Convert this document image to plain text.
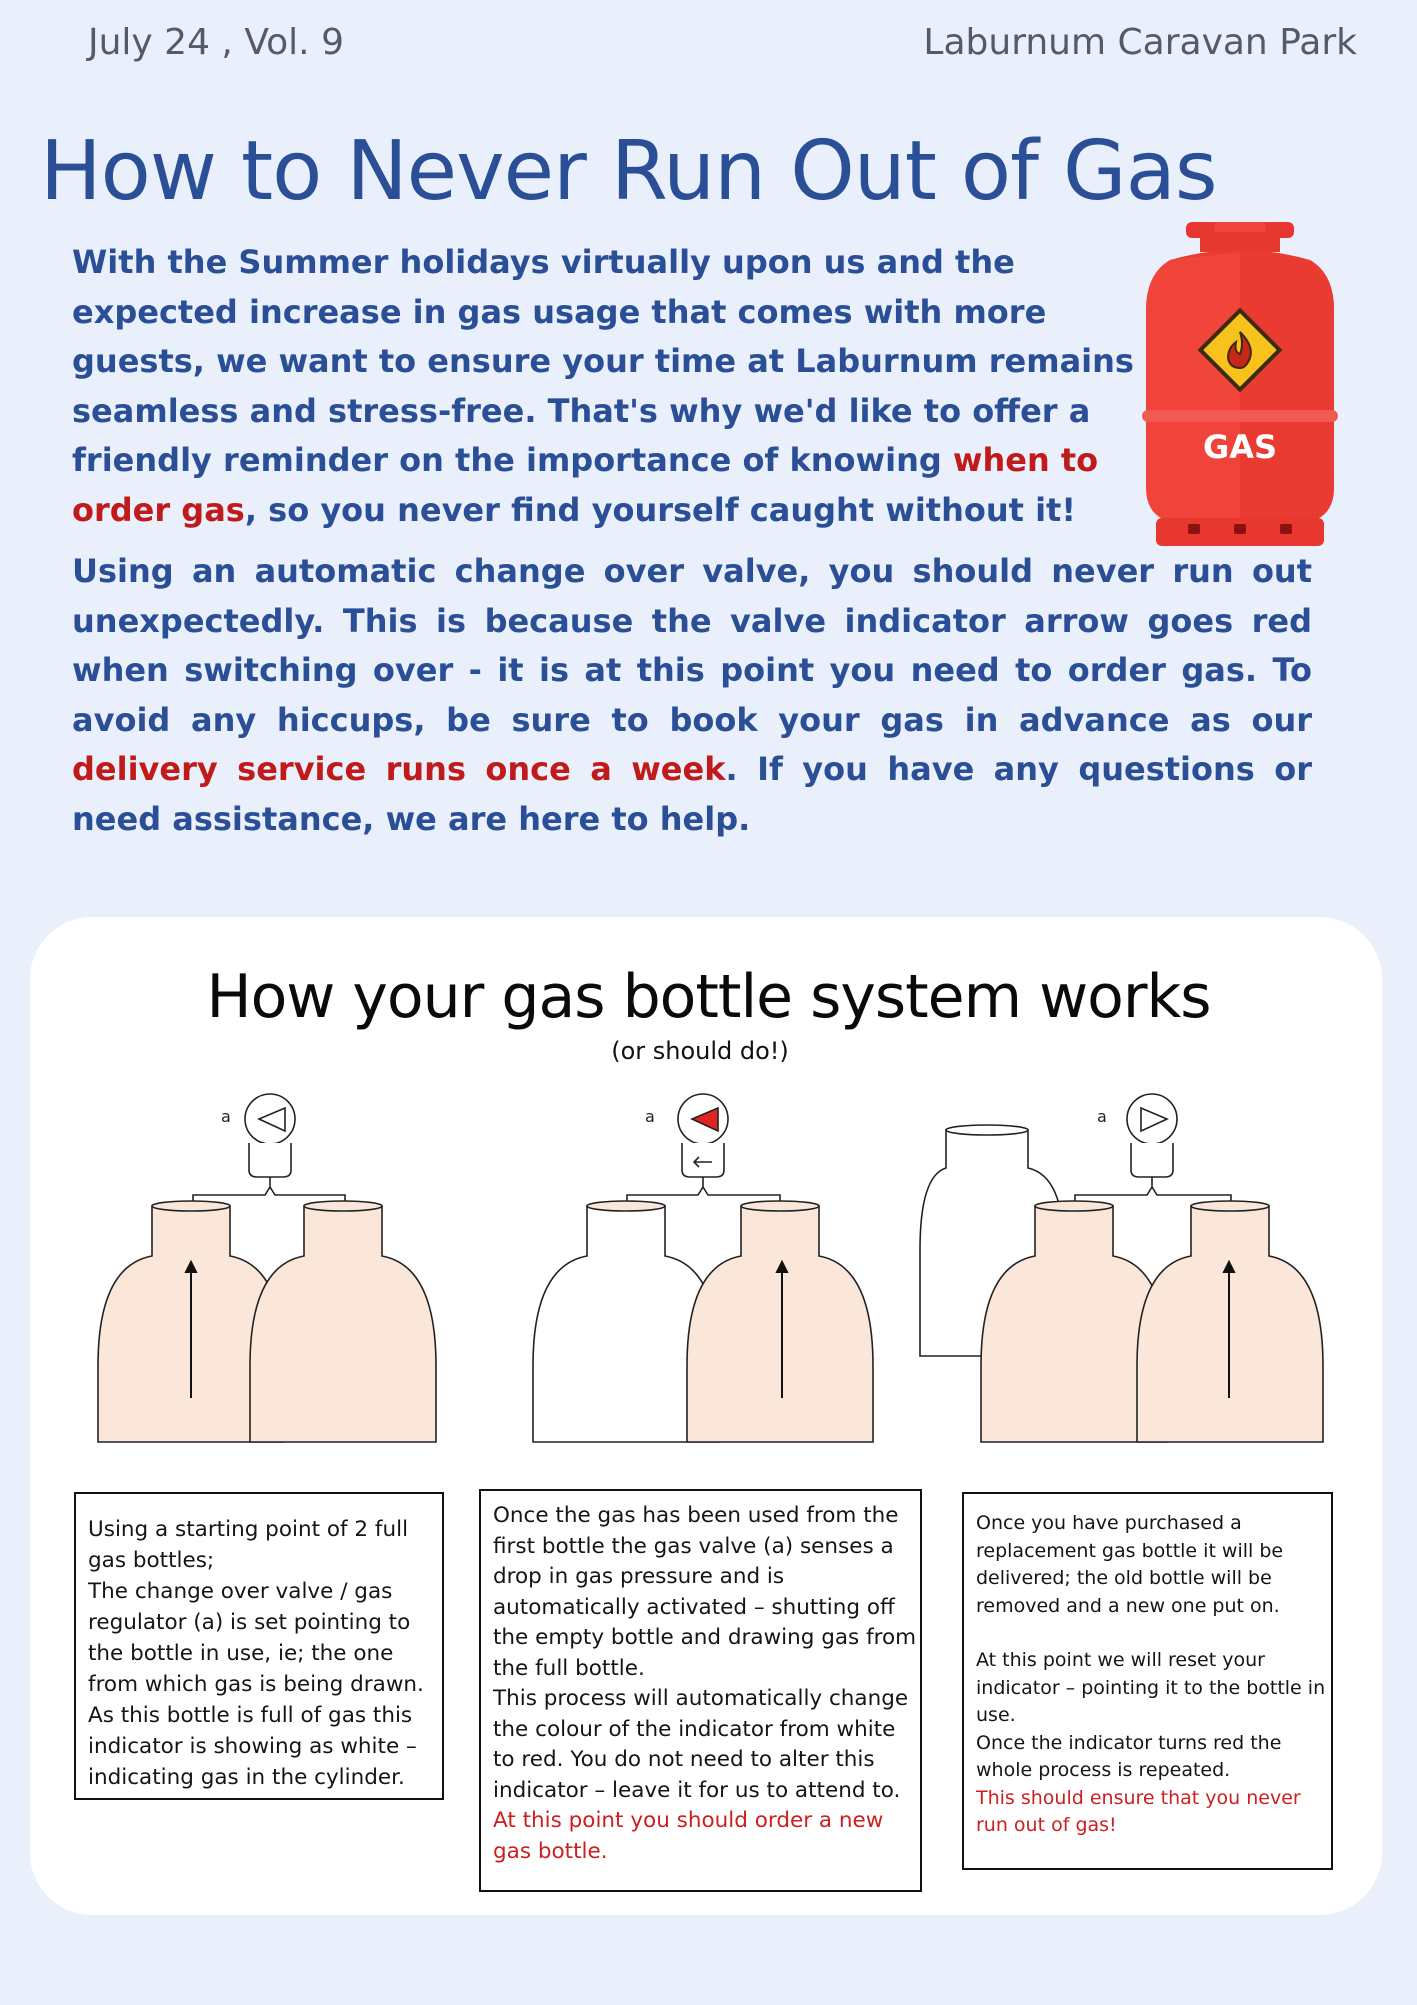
July 24 , Vol. 9	Laburnum Caravan Park
How to Never Run Out of Gas
With the Summer holidays virtually upon us and the expected increase in gas usage that comes with more guests, we want to ensure your time at Laburnum remains seamless and stress-free. That's why we'd like to offer a friendly reminder on the importance of knowing when to order gas, so you never find yourself caught without it!
GAS
Using an automatic change over valve, you should never run out unexpectedly. This is because the valve indicator arrow goes red when switching over - it is at this point you need to order gas. To avoid any hiccups, be sure to book your gas in advance as our delivery service runs once a week. If you have any questions or need assistance, we are here to help.
How your gas bottle system works
(or should do!)
a	a	a

Using a starting point of 2 full gas bottles;

The change over valve / gas regulator (a) is set pointing to the bottle in use, ie; the one from which gas is being drawn.

As this bottle is full of gas this indicator is showing as white – indicating gas in the cylinder.

Once the gas has been used from the first bottle the gas valve (a) senses a drop in gas pressure and is automatically activated – shutting off the empty bottle and drawing gas from the full bottle.

This process will automatically change the colour of the indicator from white to red. You do not need to alter this indicator – leave it for us to attend to.

At this point you should order a new gas bottle.

Once you have purchased a replacement gas bottle it will be delivered; the old bottle will be removed and a new one put on.

At this point we will reset your indicator – pointing it to the bottle in use.

Once the indicator turns red the whole process is repeated.

This should ensure that you never run out of gas!
